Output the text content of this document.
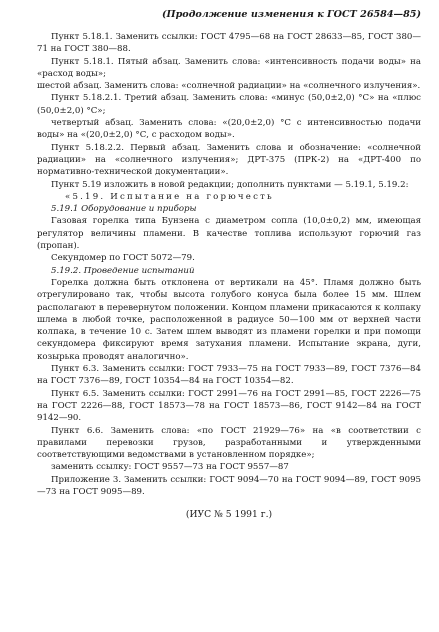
(Продолжение изменения к ГОСТ 26584—85)

Пункт 5.18.1. Заменить ссылки: ГОСТ 4795—68 на ГОСТ 28633—85, ГОСТ 380—71 на ГОСТ 380—88.

Пункт 5.18.1. Пятый абзац. Заменить слова: «интенсивность подачи воды» на «расход воды»;

шестой абзац. Заменить слова: «солнечной радиации» на «солнечного излучения».

Пункт 5.18.2.1. Третий абзац. Заменить слова: «минус (50,0±2,0) °С» на «плюс (50,0±2,0) °С»;

четвертый абзац. Заменить слова: «(20,0±2,0) °С с интенсивностью подачи воды» на «(20,0±2,0) °С, с расходом воды».

Пункт 5.18.2.2. Первый абзац. Заменить слова и обозначение: «солнечной радиации» на «солнечного излучения»; ДРТ-375 (ПРК-2) на «ДРТ-400 по нормативно-технической документации».

Пункт 5.19 изложить в новой редакции; дополнить пунктами — 5.19.1, 5.19.2:

«5.19. Испытание на горючесть

5.19.1 Оборудование и приборы

Газовая горелка типа Бунзена с диаметром сопла (10,0±0,2) мм, имеющая регулятор величины пламени. В качестве топлива используют горючий газ (пропан).

Секундомер по ГОСТ 5072—79.

5.19.2. Проведение испытаний

Горелка должна быть отклонена от вертикали на 45°. Пламя должно быть отрегулировано так, чтобы высота голубого конуса была более 15 мм. Шлем располагают в перевернутом положении. Концом пламени прикасаются к колпаку шлема в любой точке, расположенной в радиусе 50—100 мм от верхней части колпака, в течение 10 с. Затем шлем выводят из пламени горелки и при помощи секундомера фиксируют время затухания пламени. Испытание экрана, дуги, козырька проводят аналогично».

Пункт 6.3. Заменить ссылки: ГОСТ 7933—75 на ГОСТ 7933—89, ГОСТ 7376—84 на ГОСТ 7376—89, ГОСТ 10354—84 на ГОСТ 10354—82.

Пункт 6.5. Заменить ссылки: ГОСТ 2991—76 на ГОСТ 2991—85, ГОСТ 2226—75 на ГОСТ 2226—88, ГОСТ 18573—78 на ГОСТ 18573—86, ГОСТ 9142—84 на ГОСТ 9142—90.

Пункт 6.6. Заменить слова: «по ГОСТ 21929—76» на «в соответствии с правилами перевозки грузов, разработанными и утвержденными соответствующими ведомствами в установленном порядке»;

заменить ссылку: ГОСТ 9557—73 на ГОСТ 9557—87

Приложение 3. Заменить ссылки: ГОСТ 9094—70 на ГОСТ 9094—89, ГОСТ 9095—73 на ГОСТ 9095—89.

(ИУС № 5 1991 г.)
